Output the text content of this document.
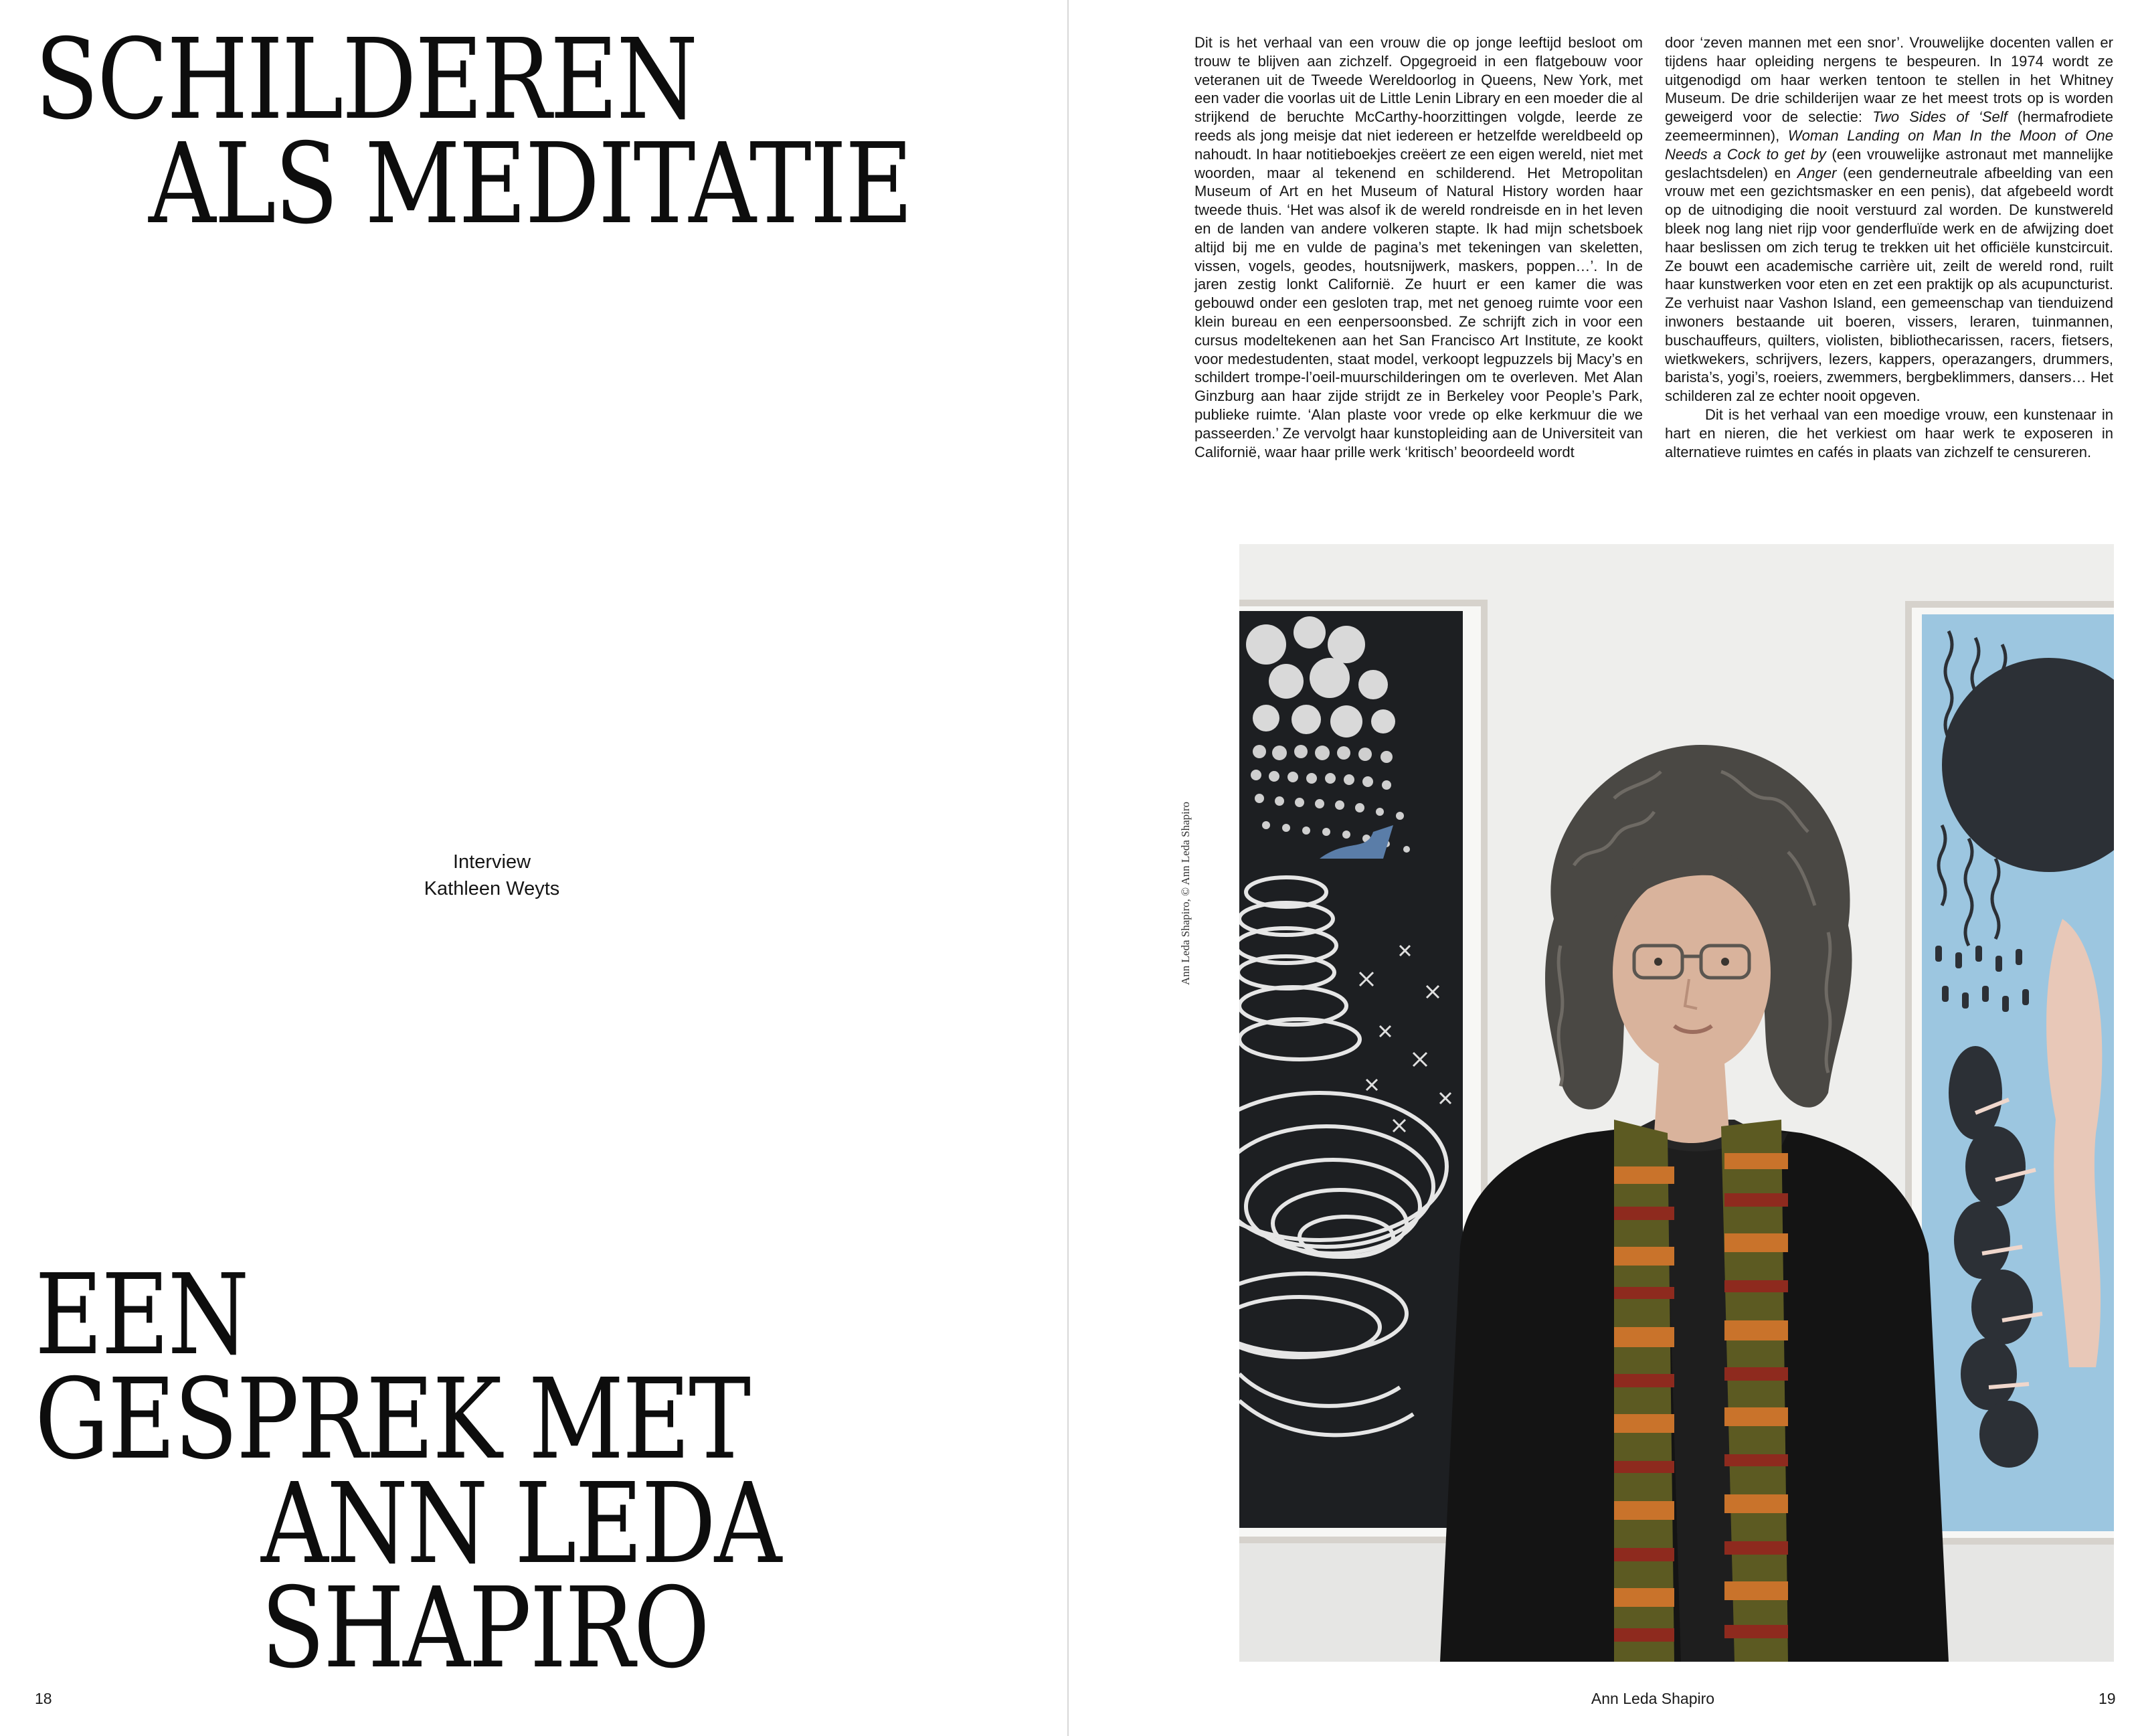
SCHILDEREN
ALS MEDITATIE
Interview
Kathleen Weyts
EEN
GESPREK MET
ANN LEDA
SHAPIRO
18

Dit is het verhaal van een vrouw die op jonge leeftijd besloot om trouw te blijven aan zichzelf. Opgegroeid in een flatgebouw voor veteranen uit de Tweede Wereldoorlog in Queens, New York, met een vader die voorlas uit de Little Lenin Library en een moeder die al strijkend de beruchte McCarthy-hoorzittingen volgde, leerde ze reeds als jong meisje dat niet iedereen er hetzelfde wereldbeeld op nahoudt. In haar notitieboekjes creëert ze een eigen wereld, niet met woorden, maar al tekenend en schilderend. Het Metropolitan Museum of Art en het Museum of Natural History worden haar tweede thuis. ‘Het was alsof ik de wereld rondreisde en in het leven en de landen van andere volkeren stapte. Ik had mijn schetsboek altijd bij me en vulde de pagina’s met tekeningen van skeletten, vissen, vogels, geodes, houtsnijwerk, maskers, poppen…’. In de jaren zestig lonkt Californië. Ze huurt er een kamer die was gebouwd onder een gesloten trap, met net genoeg ruimte voor een klein bureau en een eenpersoonsbed. Ze schrijft zich in voor een cursus modeltekenen aan het San Francisco Art Institute, ze kookt voor medestudenten, staat model, verkoopt legpuzzels bij Macy’s en schildert trompe-l’oeil-muurschilderingen om te overleven. Met Alan Ginzburg aan haar zijde strijdt ze in Berkeley voor People’s Park, publieke ruimte. ‘Alan plaste voor vrede op elke kerkmuur die we passeerden.’ Ze vervolgt haar kunstopleiding aan de Universiteit van Californië, waar haar prille werk ‘kritisch’ beoordeeld wordt

door ‘zeven mannen met een snor’. Vrouwelijke docenten vallen er tijdens haar opleiding nergens te bespeuren. In 1974 wordt ze uitgenodigd om haar werken tentoon te stellen in het Whitney Museum. De drie schilderijen waar ze het meest trots op is worden geweigerd voor de selectie: Two Sides of ‘Self (hermafrodiete zeemeerminnen), Woman Landing on Man In the Moon of One Needs a Cock to get by (een vrouwelijke astronaut met mannelijke geslachtsdelen) en Anger (een genderneutrale afbeelding van een vrouw met een gezichtsmasker en een penis), dat afgebeeld wordt op de uitnodiging die nooit verstuurd zal worden. De kunstwereld bleek nog lang niet rijp voor genderfluïde werk en de afwijzing doet haar beslissen om zich terug te trekken uit het officiële kunstcircuit. Ze bouwt een academische carrière uit, zeilt de wereld rond, ruilt haar kunstwerken voor eten en zet een praktijk op als acupuncturist. Ze verhuist naar Vashon Island, een gemeenschap van tienduizend inwoners bestaande uit boeren, vissers, leraren, tuinmannen, buschauffeurs, quilters, violisten, bibliothecarissen, racers, fietsers, wietkwekers, schrijvers, lezers, kappers, operazangers, drummers, barista’s, yogi’s, roeiers, zwemmers, bergbeklimmers, dansers… Het schilderen zal ze echter nooit opgeven.

Dit is het verhaal van een moedige vrouw, een kunstenaar in hart en nieren, die het verkiest om haar werk te exposeren in alternatieve ruimtes en cafés in plaats van zichzelf te censureren.

Ann Leda Shapiro, © Ann Leda Shapiro
Ann Leda Shapiro	19
